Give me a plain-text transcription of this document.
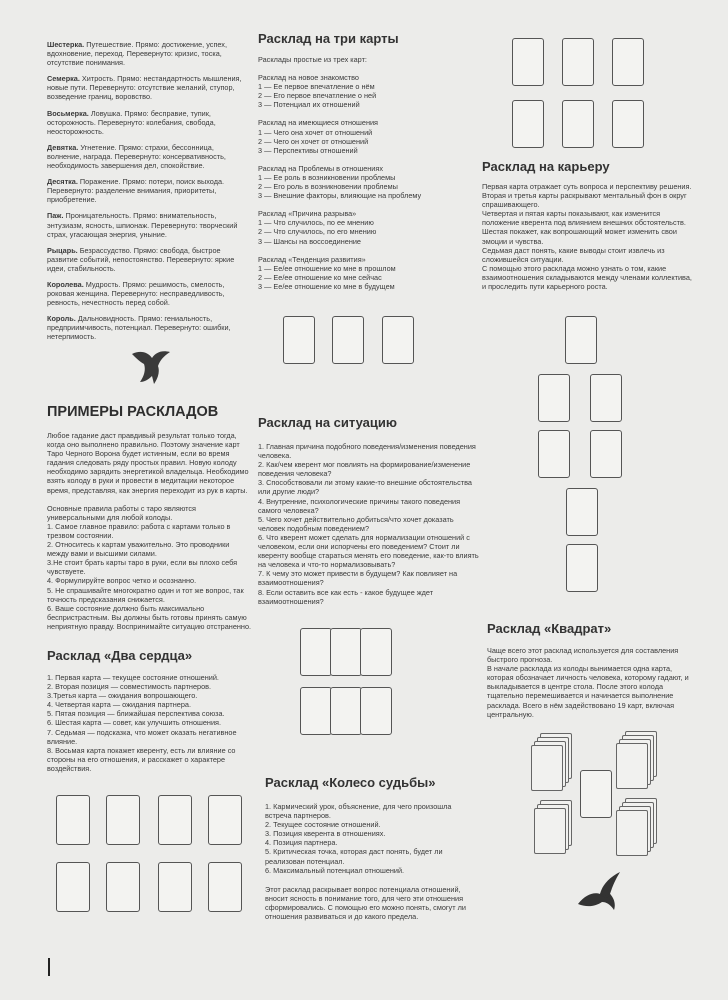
Шестерка. Путешествие. Прямо: достижение, успех, вдохновение, переход. Перевернуто: кризис, тоска, отсутствие понимания.

Семерка. Хитрость. Прямо: нестандартность мышления, новые пути. Перевернуто: отсутствие желаний, ступор, возведение границ, воровство.

Восьмерка. Ловушка. Прямо: бесправие, тупик, осторожность. Перевернуто: колебания, свобода, неосторожность.

Девятка. Угнетение. Прямо: страхи, бессонница, волнение, награда. Перевернуто: консервативность, необходимость завершения дел, спокойствие.

Десятка. Поражение. Прямо: потери, поиск выхода. Перевернуто: разделение внимания, приоритеты, приобретение.

Паж. Проницательность. Прямо: внимательность, энтузиазм, ясность, шпионаж. Перевернуто: творческий страх, угасающая энергия, уныние.

Рыцарь. Безрассудство. Прямо: свобода, быстрое развитие событий, непостоянство. Перевернуто: яркие идеи, стабильность.

Королева. Мудрость. Прямо: решимость, смелость, роковая женщина. Перевернуто: несправедливость, ревность, нечестность перед собой.

Король. Дальновидность. Прямо: гениальность, предприимчивость, потенциал. Перевернуто: ошибки, нетерпимость.

ПРИМЕРЫ РАСКЛАДОВ

Любое гадание даст правдивый результат только тогда, когда оно выполнено правильно. Поэтому значение карт Таро Черного Ворона будет истинным, если во время гадания следовать ряду простых правил. Новую колоду необходимо зарядить энергетикой владельца. Необходимо взять колоду в руки и провести в медитации некоторое время, представляя, как энергия переходит из рук в карты.

Основные правила работы с таро являются универсальными для любой колоды.

1. Самое главное правило: работа с картами только в трезвом состоянии.

2. Относитесь к картам уважительно. Это проводники между вами и высшими силами.

3.Не стоит брать карты таро в руки, если вы плохо себя чувствуете.

4. Формулируйте вопрос четко и осознанно.

5. Не спрашивайте многократно один и тот же вопрос, так точность предсказания снижается.

6. Ваше состояние должно быть максимально беспристрастным. Вы должны быть готовы принять самую неприятную правду. Воспринимайте ситуацию отстраненно.

Расклад «Два сердца»

1. Первая карта — текущее состояние отношений.

2. Вторая позиция — совместимость партнеров.

3.Третья карта — ожидания вопрошающего.

4. Четвертая карта — ожидания партнера.

5. Пятая позиция — ближайшая перспектива союза.

6. Шестая карта — совет, как улучшить отношения.

7. Седьмая — подсказка, что может оказать негативное влияние.

8. Восьмая карта покажет кверенту, есть ли влияние со стороны на его отношения, и расскажет о характере воздействия.

Расклад на три карты

Расклады простые из трех карт:

Расклад на новое знакомство

1 — Ее первое впечатление о нём

2 — Его первое впечатление о ней

3 — Потенциал их отношений

Расклад на имеющиеся отношения

1 — Чего она хочет от отношений

2 — Чего он хочет от отношений

3 — Перспективы отношений

Расклад на Проблемы в отношениях

1 — Ее роль в возникновении проблемы

2 — Его роль в возникновении проблемы

3 — Внешние факторы, влияющие на проблему

Расклад «Причина разрыва»

1 — Что случилось, по ее мнению

2 — Что случилось, по его мнению

3 — Шансы на воссоединение

Расклад «Тенденция развития»

1 — Ее/ее отношение ко мне в прошлом

2 — Ее/ее отношение ко мне сейчас

3 — Ее/ее отношение ко мне в будущем

Расклад на ситуацию

1. Главная причина подобного поведения/изменения поведения человека.

2. Как/чем кверент мог повлиять на формирование/изменение поведения человека?

3. Способствовали ли этому какие-то внешние обстоятельства или другие люди?

4. Внутренние, психологические причины такого поведения самого человека?

5. Чего хочет действительно добиться/что хочет доказать человек подобным поведением?

6. Что кверент может сделать для нормализации отношений с человеком, если они испорчены его поведением? Стоит ли кверенту вообще стараться менять его поведение, как-то влиять на человека и что-то нормализовывать?

7. К чему это может привести в будущем? Как повлияет на взаимоотношения?

8. Если оставить все как есть - какое будущее ждет взаимоотношения?

Расклад «Колесо судьбы»

1. Кармический урок, объяснение, для чего произошла встреча партнеров.

2. Текущее состояние отношений.

3. Позиция кверента в отношениях.

4. Позиция партнера.

5. Критическая точка, которая даст понять, будет ли реализован потенциал.

6. Максимальный потенциал отношений.

Этот расклад раскрывает вопрос потенциала отношений, вносит ясность в понимание того, для чего эти отношения сформировались. С помощью его можно понять, смогут ли отношения развиваться и до какого предела.

Расклад на карьеру

Первая карта отражает суть вопроса и перспективу решения.

Вторая и третья карты раскрывают ментальный фон в округ спрашивающего.

Четвертая и пятая карты показывают, как изменится положение кверента под влиянием внешних обстоятельств.

Шестая покажет, как вопрошающий может изменить свои эмоции и чувства.

Седьмая даст понять, какие выводы стоит извлечь из сложившейся ситуации.

С помощью этого расклада можно узнать о том, какие взаимоотношения складываются между членами коллектива, и проследить пути карьерного роста.

Расклад «Квадрат»

Чаще всего этот расклад используется для составления быстрого прогноза.

В начале расклада из колоды вынимается одна карта, которая обозначает личность человека, которому гадают, и выкладывается в центре стола. После этого колода тщательно перемешивается и начинается выполнение расклада. Всего в нём задействовано 19 карт, включая центральную.
